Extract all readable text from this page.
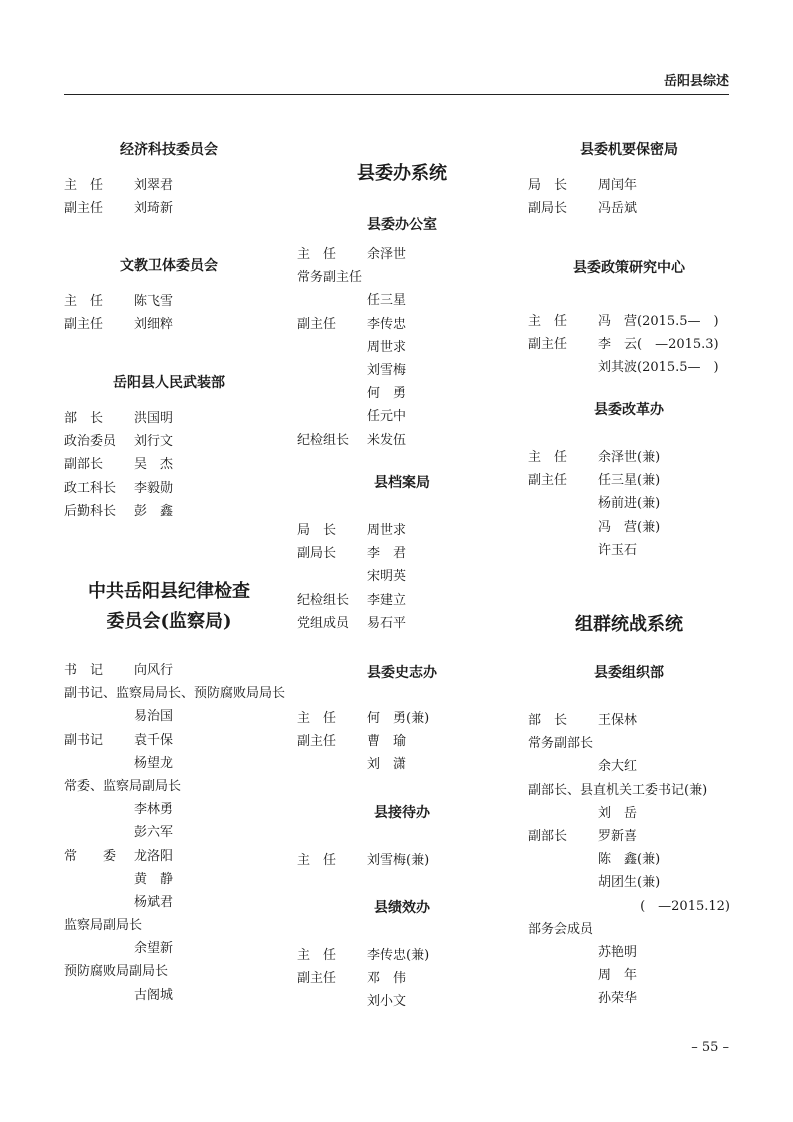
岳阳县综述
经济科技委员会
主　任 刘翠君
副主任 刘琦新
文教卫体委员会
主　任 陈飞雪
副主任 刘细粹
岳阳县人民武装部
部　长 洪国明
政治委员 刘行文
副部长 吴　杰
政工科长 李毅勋
后勤科长 彭　鑫
中共岳阳县纪律检查
委员会(监察局)
书　记 向风行
副书记、监察局局长、预防腐败局局长
易治国
副书记 袁千保
杨望龙
常委、监察局副局长
李林勇
彭六军
常　　委 龙洛阳
黄　静
杨斌君
监察局副局长
余望新
预防腐败局副局长
古阁城
县委办系统
县委办公室
主　任 余泽世
常务副主任
任三星
副主任 李传忠
周世求
刘雪梅
何　勇
任元中
纪检组长 米发伍
县档案局
局　长 周世求
副局长 李　君
宋明英
纪检组长 李建立
党组成员 易石平
县委史志办
主　任 何　勇(兼)
副主任 曹　瑜
刘　潇
县接待办
主　任 刘雪梅(兼)
县绩效办
主　任 李传忠(兼)
副主任 邓　伟
刘小文
县委机要保密局
局　长 周闰年
副局长 冯岳斌
县委政策研究中心
主　任 冯　营(2015.5—　)
副主任 李　云(　—2015.3)
刘其波(2015.5—　)
县委改革办
主　任 余泽世(兼)
副主任 任三星(兼)
杨前进(兼)
冯　营(兼)
许玉石
组群统战系统
县委组织部
部　长 王保林
常务副部长
余大红
副部长、县直机关工委书记(兼)
刘　岳
副部长 罗新喜
陈　鑫(兼)
胡团生(兼)
(　—2015.12)
部务会成员
苏艳明
周　年
孙荣华
– 55 –
